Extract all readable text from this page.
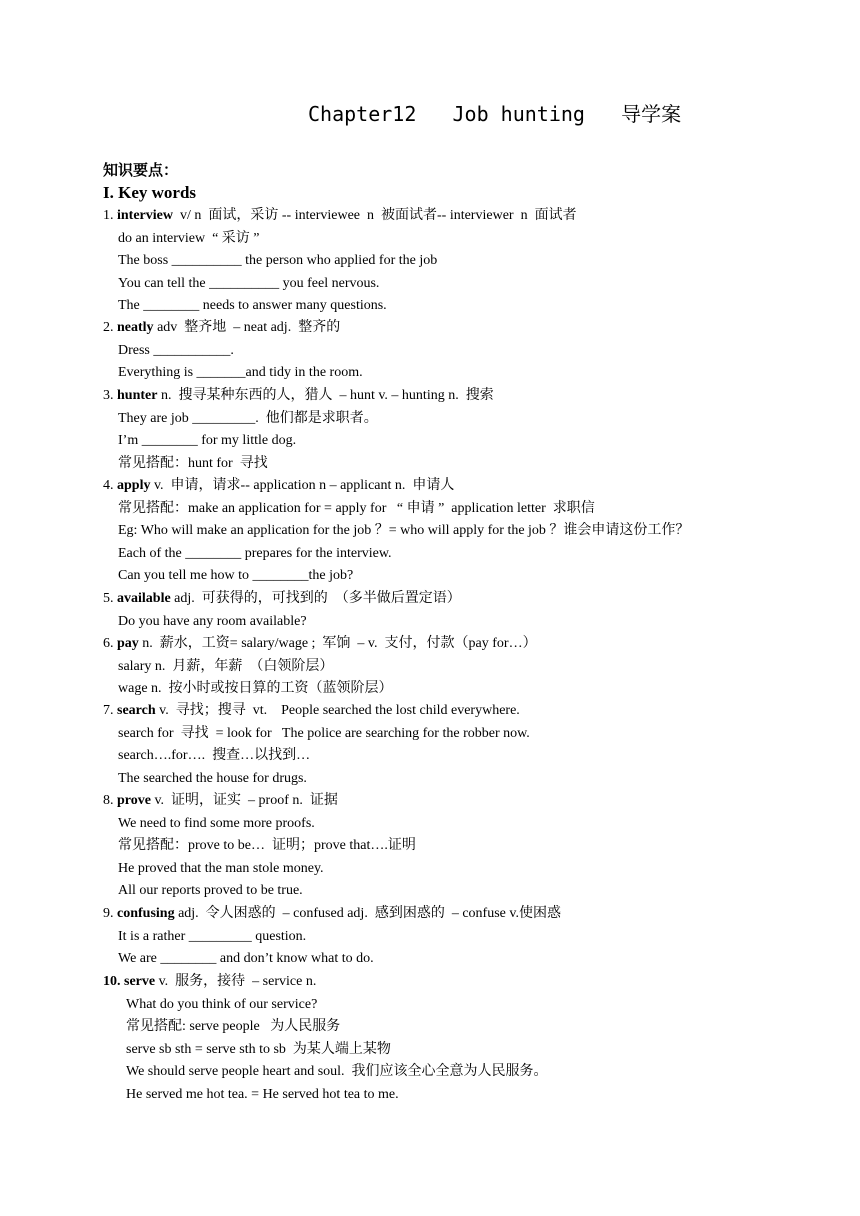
Chapter12   Job hunting   导学案
知识要点：
I. Key words
1. interview  v/ n  面试，采访 -- interviewee  n  被面试者-- interviewer  n  面试者
do an interview  “ 采访 ”
The boss __________ the person who applied for the job
You can tell the __________ you feel nervous.
The ________ needs to answer many questions.
2. neatly adv  整齐地  – neat adj.  整齐的
Dress ___________.
Everything is _______and tidy in the room.
3. hunter n.  搜寻某种东西的人，猎人  – hunt v. – hunting n.  搜索
They are job _________.  他们都是求职者。
I’m ________ for my little dog.
常见搭配：hunt for  寻找
4. apply v.  申请，请求-- application n – applicant n.  申请人
常见搭配：make an application for = apply for   “ 申请 ”  application letter  求职信
Eg: Who will make an application for the job ？= who will apply for the job ？谁会申请这份工作？
Each of the ________ prepares for the interview.
Can you tell me how to ________the job?
5. available adj.  可获得的，可找到的  （多半做后置定语）
Do you have any room available?
6. pay n.  薪水，工资= salary/wage ;  军饷  – v.  支付，付款（pay for…）
salary n.  月薪，年薪  （白领阶层）
wage n.  按小时或按日算的工资（蓝领阶层）
7. search v.  寻找；搜寻  vt.    People searched the lost child everywhere.
search for  寻找  = look for   The police are searching for the robber now.
search….for….  搜查…以找到…
The searched the house for drugs.
8. prove v.  证明，证实  – proof n.  证据
We need to find some more proofs.
常见搭配：prove to be…  证明；prove that….证明
He proved that the man stole money.
All our reports proved to be true.
9. confusing adj.  令人困惑的  – confused adj.  感到困惑的  – confuse v.使困惑
It is a rather _________ question.
We are ________ and don’t know what to do.
10. serve v.  服务，接待  – service n.
What do you think of our service?
常见搭配: serve people   为人民服务
serve sb sth = serve sth to sb  为某人端上某物
We should serve people heart and soul.  我们应该全心全意为人民服务。
He served me hot tea. = He served hot tea to me.
